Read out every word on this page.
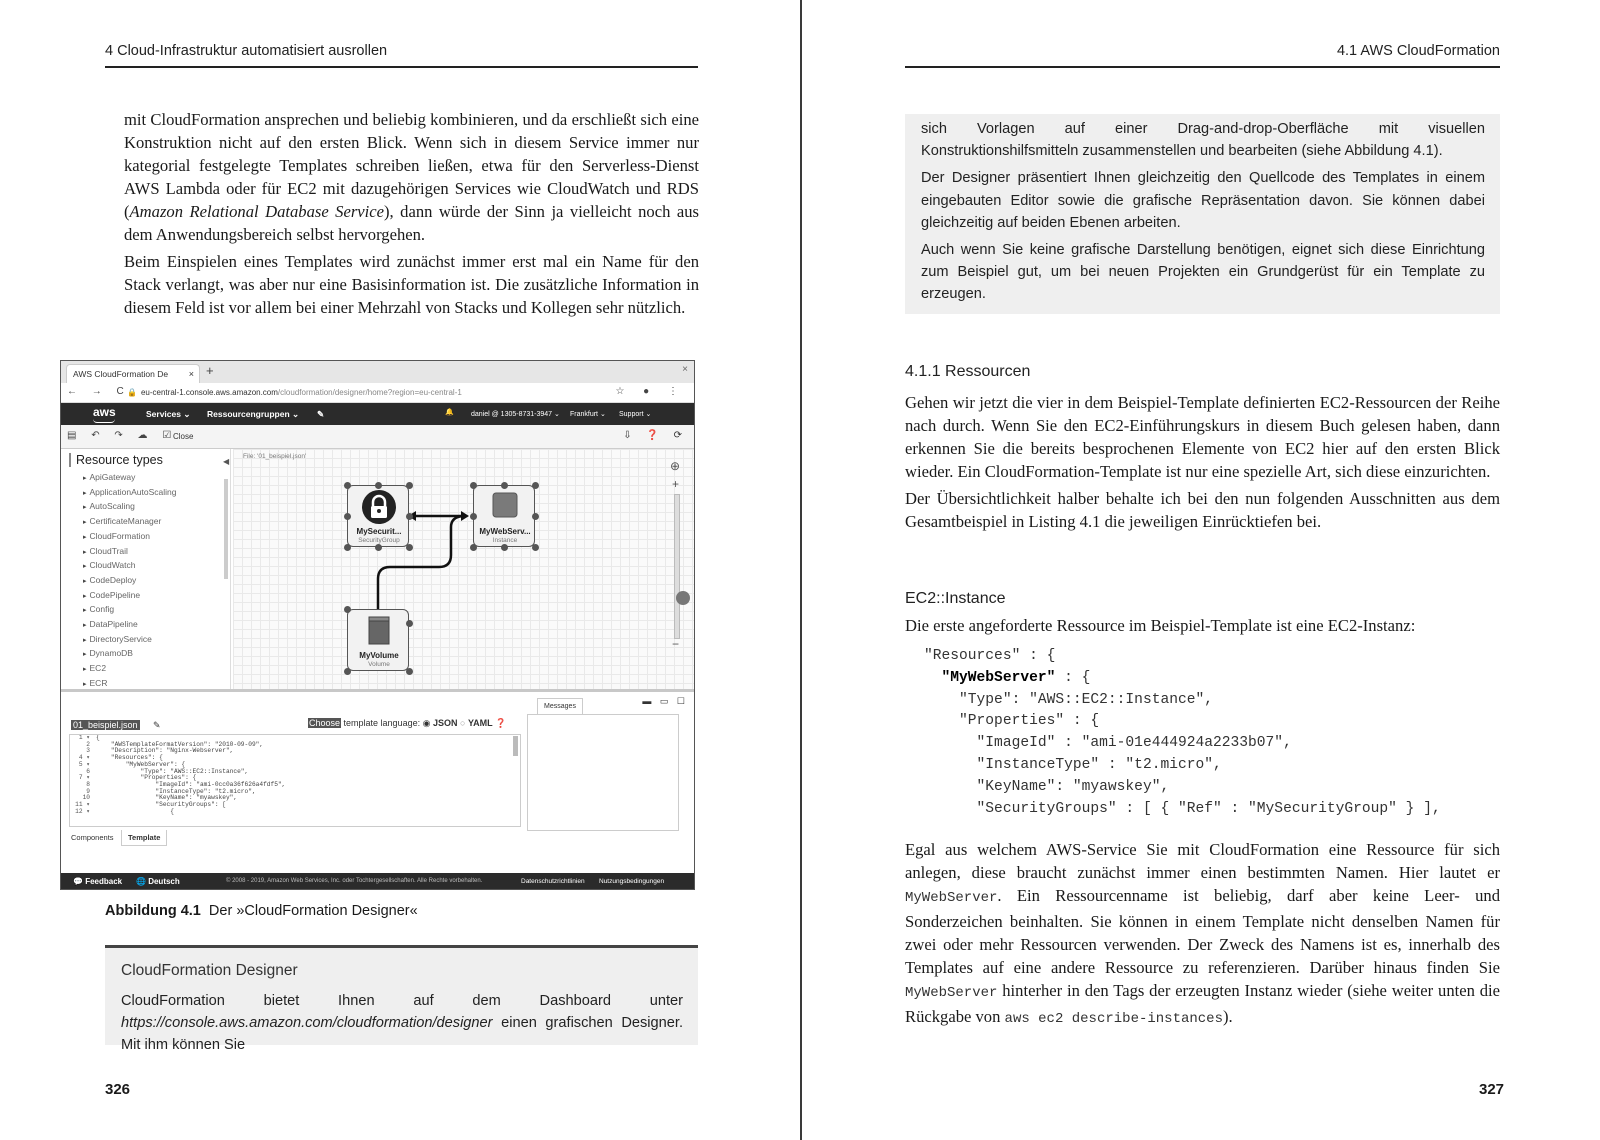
4 Cloud-Infrastruktur automatisiert ausrollen

mit CloudFormation ansprechen und beliebig kombinieren, und da erschließt sich eine Konstruktion nicht auf den ersten Blick. Wenn sich in diesem Service immer nur kategorial festgelegte Templates schreiben ließen, etwa für den Serverless-Dienst AWS Lambda oder für EC2 mit dazugehörigen Services wie CloudWatch und RDS (Amazon Relational Database Service), dann würde der Sinn ja vielleicht noch aus dem Anwendungsbereich selbst hervorgehen.

Beim Einspielen eines Templates wird zunächst immer erst mal ein Name für den Stack verlangt, was aber nur eine Basisinformation ist. Die zusätzliche Information in diesem Feld ist vor allem bei einer Mehrzahl von Stacks und Kollegen sehr nützlich.

AWS CloudFormation De × +	×
← → C
🔒 eu-central-1.console.aws.amazon.com/cloudformation/designer/home?region=eu-central-1	☆ ● ⋮
aws	Services ⌄ Ressourcengruppen ⌄ ✎	🔔 daniel @ 1305-8731-3947 ⌄ Frankfurt ⌄ Support ⌄
▤ ↶ ↷ ☁ ☑
Close	⇩ ❓ ⟳
Resource types	◀
▸ ApiGateway
▸ ApplicationAutoScaling
▸ AutoScaling
▸ CertificateManager
▸ CloudFormation
▸ CloudTrail
▸ CloudWatch
▸ CodeDeploy
▸ CodePipeline
▸ Config
▸ DataPipeline
▸ DirectoryService
▸ DynamoDB
▸ EC2
▸ ECR
▸
File: '01_beispiel.json'
MySecurit...
SecurityGroup
MyWebServ...
Instance
MyVolume
Volume
⊕
+
−
Messages
▬ ▭ ☐
01_beispiel.json ✎	Choose template language: ◉ JSON ○ YAML ❓
1 ▾ {
2    "AWSTemplateFormatVersion": "2010-09-09",
3    "Description": "Nginx-Webserver",
4 ▾    "Resources": {
5 ▾        "MyWebServer": {
6            "Type": "AWS::EC2::Instance",
7 ▾            "Properties": {
8                "ImageId": "ami-0cc0a36f626a4fdf5",
9                "InstanceType": "t2.micro",
10                "KeyName": "myawskey",
11 ▾                "SecurityGroups": [
12 ▾                    {
Components	Template
💬 Feedback 🌐 Deutsch	© 2008 - 2019, Amazon Web Services, Inc. oder Tochtergesellschaften. Alle Rechte vorbehalten.	Datenschutzrichtlinien Nutzungsbedingungen
Abbildung 4.1 Der »CloudFormation Designer«
CloudFormation Designer

CloudFormation bietet Ihnen auf dem Dashboard unter https://console.aws.amazon.com/cloudformation/designer einen grafischen Designer. Mit ihm können Sie

326
4.1 AWS CloudFormation

sich Vorlagen auf einer Drag-and-drop-Oberfläche mit visuellen Konstruktionshilfsmitteln zusammenstellen und bearbeiten (siehe Abbildung 4.1).

Der Designer präsentiert Ihnen gleichzeitig den Quellcode des Templates in einem eingebauten Editor sowie die grafische Repräsentation davon. Sie können dabei gleichzeitig auf beiden Ebenen arbeiten.

Auch wenn Sie keine grafische Darstellung benötigen, eignet sich diese Einrichtung zum Beispiel gut, um bei neuen Projekten ein Grundgerüst für ein Template zu erzeugen.

4.1.1 Ressourcen

Gehen wir jetzt die vier in dem Beispiel-Template definierten EC2-Ressourcen der Reihe nach durch. Wenn Sie den EC2-Einführungskurs in diesem Buch gelesen haben, dann erkennen Sie die bereits besprochenen Elemente von EC2 hier auf den ersten Blick wieder. Ein CloudFormation-Template ist nur eine spezielle Art, sich diese einzurichten.

Der Übersichtlichkeit halber behalte ich bei den nun folgenden Ausschnitten aus dem Gesamtbeispiel in Listing 4.1 die jeweiligen Einrücktiefen bei.

EC2::Instance
Die erste angeforderte Ressource im Beispiel-Template ist eine EC2-Instanz:
327
"Resources" : {
"MyWebServer" : {
"Type": "AWS::EC2::Instance",
"Properties" : {
"ImageId" : "ami-01e444924a2233b07",
"InstanceType" : "t2.micro",
"KeyName": "myawskey",
"SecurityGroups" : [ { "Ref" : "MySecurityGroup" } ],

Egal aus welchem AWS-Service Sie mit CloudFormation eine Ressource für sich anlegen, diese braucht zunächst immer einen bestimmten Namen. Hier lautet er MyWebServer. Ein Ressourcenname ist beliebig, darf aber keine Leer- und Sonderzeichen beinhalten. Sie können in einem Template nicht denselben Namen für zwei oder mehr Ressourcen verwenden. Der Zweck des Namens ist es, innerhalb des Templates auf eine andere Ressource zu referenzieren. Darüber hinaus finden Sie MyWebServer hinterher in den Tags der erzeugten Instanz wieder (siehe weiter unten die Rückgabe von aws ec2 describe-instances).
